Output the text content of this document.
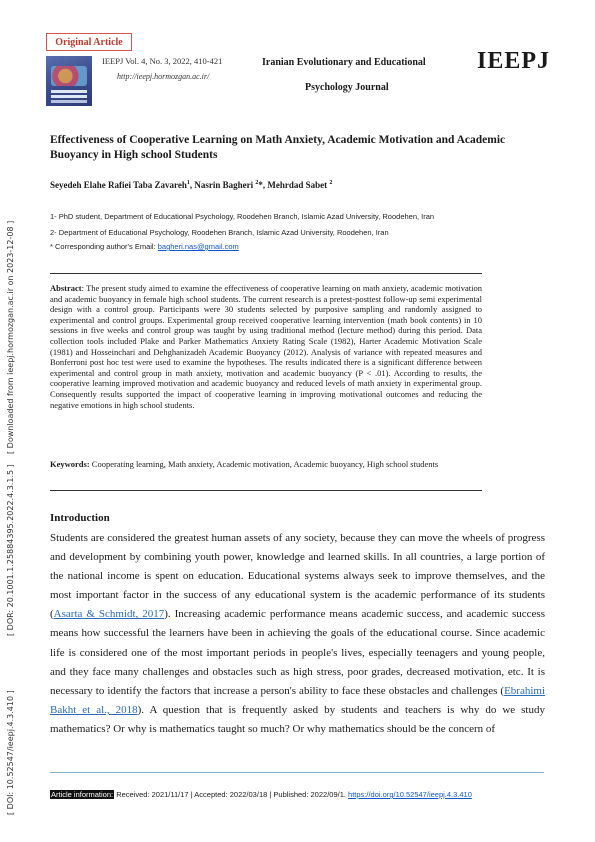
Original Article
IEEPJ Vol. 4, No. 3, 2022, 410-421
http://ieepj.hormozgan.ac.ir/
Iranian Evolutionary and Educational
Psychology Journal
IEEPJ
[ Downloaded from ieepj.hormozgan.ac.ir on 2023-12-08 ]
[ DOR: 20.1001.1.25884395.2022.4.3.1.5 ]
[ DOI: 10.52547/ieepj.4.3.410 ]
Effectiveness of Cooperative Learning on Math Anxiety, Academic Motivation and Academic Buoyancy in High school Students
Seyedeh Elahe Rafiei Taba Zavareh$^1$, Nasrin Bagheri $^2$*, Mehrdad Sabet $^2$
1- PhD student, Department of Educational Psychology, Roodehen Branch, Islamic Azad University, Roodehen, Iran
2- Department of Educational Psychology, Roodehen Branch, Islamic Azad University, Roodehen, Iran
* Corresponding author's Email: bagheri.nas@gmail.com
Abstract: The present study aimed to examine the effectiveness of cooperative learning on math anxiety, academic motivation and academic buoyancy in female high school students. The current research is a pretest-posttest follow-up semi experimental design with a control group. Participants were 30 students selected by purposive sampling and randomly assigned to experimental and control groups. Experimental group received cooperative learning intervention (math book contents) in 10 sessions in five weeks and control group was taught by using traditional method (lecture method) during this period. Data collection tools included Plake and Parker Mathematics Anxiety Rating Scale (1982), Harter Academic Motivation Scale (1981) and Hosseinchari and Dehghanizadeh Academic Buoyancy (2012). Analysis of variance with repeated measures and Bonferroni post hoc test were used to examine the hypotheses. The results indicated there is a significant difference between experimental and control group in math anxiety, motivation and academic buoyancy (P < .01). According to results, the cooperative learning improved motivation and academic buoyancy and reduced levels of math anxiety in experimental group. Consequently results supported the impact of cooperative learning in improving motivational outcomes and reducing the negative emotions in high school students.
Keywords: Cooperating learning, Math anxiety, Academic motivation, Academic buoyancy, High school students
Introduction
Students are considered the greatest human assets of any society, because they can move the wheels of progress and development by combining youth power, knowledge and learned skills. In all countries, a large portion of the national income is spent on education. Educational systems always seek to improve themselves, and the most important factor in the success of any educational system is the academic performance of its students (Asarta & Schmidt, 2017). Increasing academic performance means academic success, and academic success means how successful the learners have been in achieving the goals of the educational course. Since academic life is considered one of the most important periods in people's lives, especially teenagers and young people, and they face many challenges and obstacles such as high stress, poor grades, decreased motivation, etc. It is necessary to identify the factors that increase a person's ability to face these obstacles and challenges (Ebrahimi Bakht et al., 2018). A question that is frequently asked by students and teachers is why do we study mathematics? Or why is mathematics taught so much? Or why mathematics should be the concern of
Article information: Received: 2021/11/17 | Accepted: 2022/03/18 | Published: 2022/09/1. https://doi.org/10.52547/ieepj.4.3.410
